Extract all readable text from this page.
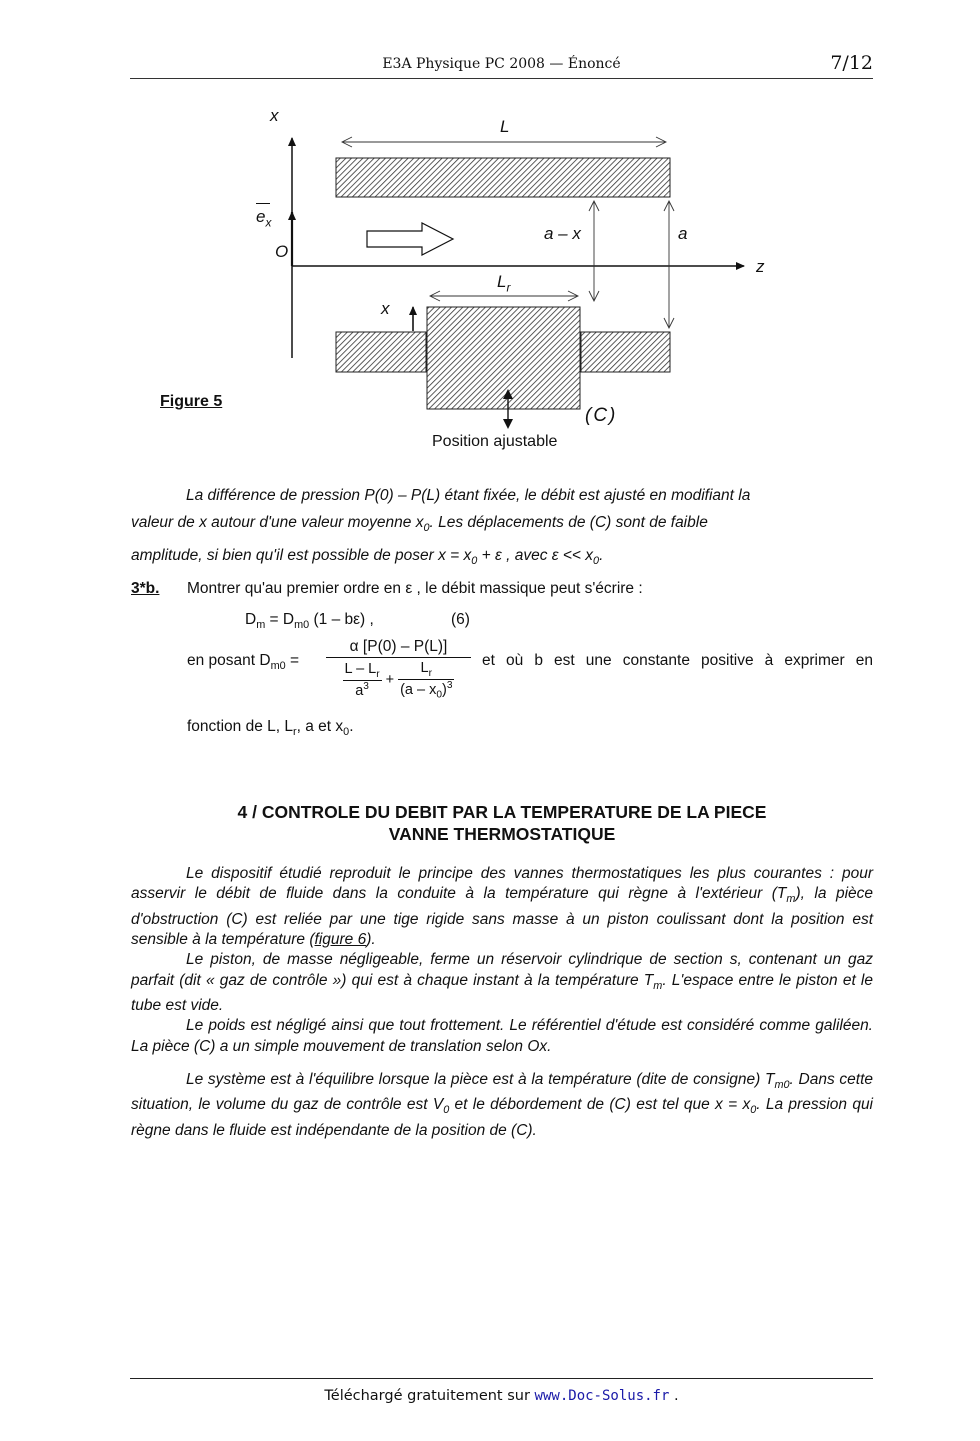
E3A Physique PC 2008 — Énoncé	7/12
x
$e_x$
O
L
a – x	a
z
$L_r$
x
(C)
Position ajustable
Figure 5
La différence de pression P(0) – P(L) étant fixée, le débit est ajusté en modifiant la
valeur de x autour d'une valeur moyenne $x_0$. Les déplacements de (C) sont de faible
amplitude, si bien qu'il est possible de poser $x = x_0 + \varepsilon$ , avec $\varepsilon << x_0$.
3*b. Montrer qu'au premier ordre en ε , le débit massique peut s'écrire :
$D_m = D_{m0}$ (1 – bε) ,	(6)
en posant $D_{m0}$ =
α [P(0) – P(L)]
$\frac{L - L_r}{a^3} + \frac{L_r}{(a - x_0)^3}$ et où b est une constante positive à exprimer en
fonction de L, $L_r$, a et $x_0$.
4 / CONTROLE DU DEBIT PAR LA TEMPERATURE DE LA PIECE
VANNE THERMOSTATIQUE

Le dispositif étudié reproduit le principe des vannes thermostatiques les plus courantes : pour asservir le débit de fluide dans la conduite à la température qui règne à l'extérieur $(T_m)$, la pièce d'obstruction (C) est reliée par une tige rigide sans masse à un piston coulissant dont la position est sensible à la température (figure 6).

Le piston, de masse négligeable, ferme un réservoir cylindrique de section s, contenant un gaz parfait (dit « gaz de contrôle ») qui est à chaque instant à la température $T_m$. L'espace entre le piston et le tube est vide.

Le poids est négligé ainsi que tout frottement. Le référentiel d'étude est considéré comme galiléen. La pièce (C) a un simple mouvement de translation selon Ox.

Le système est à l'équilibre lorsque la pièce est à la température (dite de consigne) $T_{m0}$. Dans cette situation, le volume du gaz de contrôle est $V_0$ et le débordement de (C) est tel que $x = x_0$. La pression qui règne dans le fluide est indépendante de la position de (C).

Téléchargé gratuitement sur www.Doc-Solus.fr .
